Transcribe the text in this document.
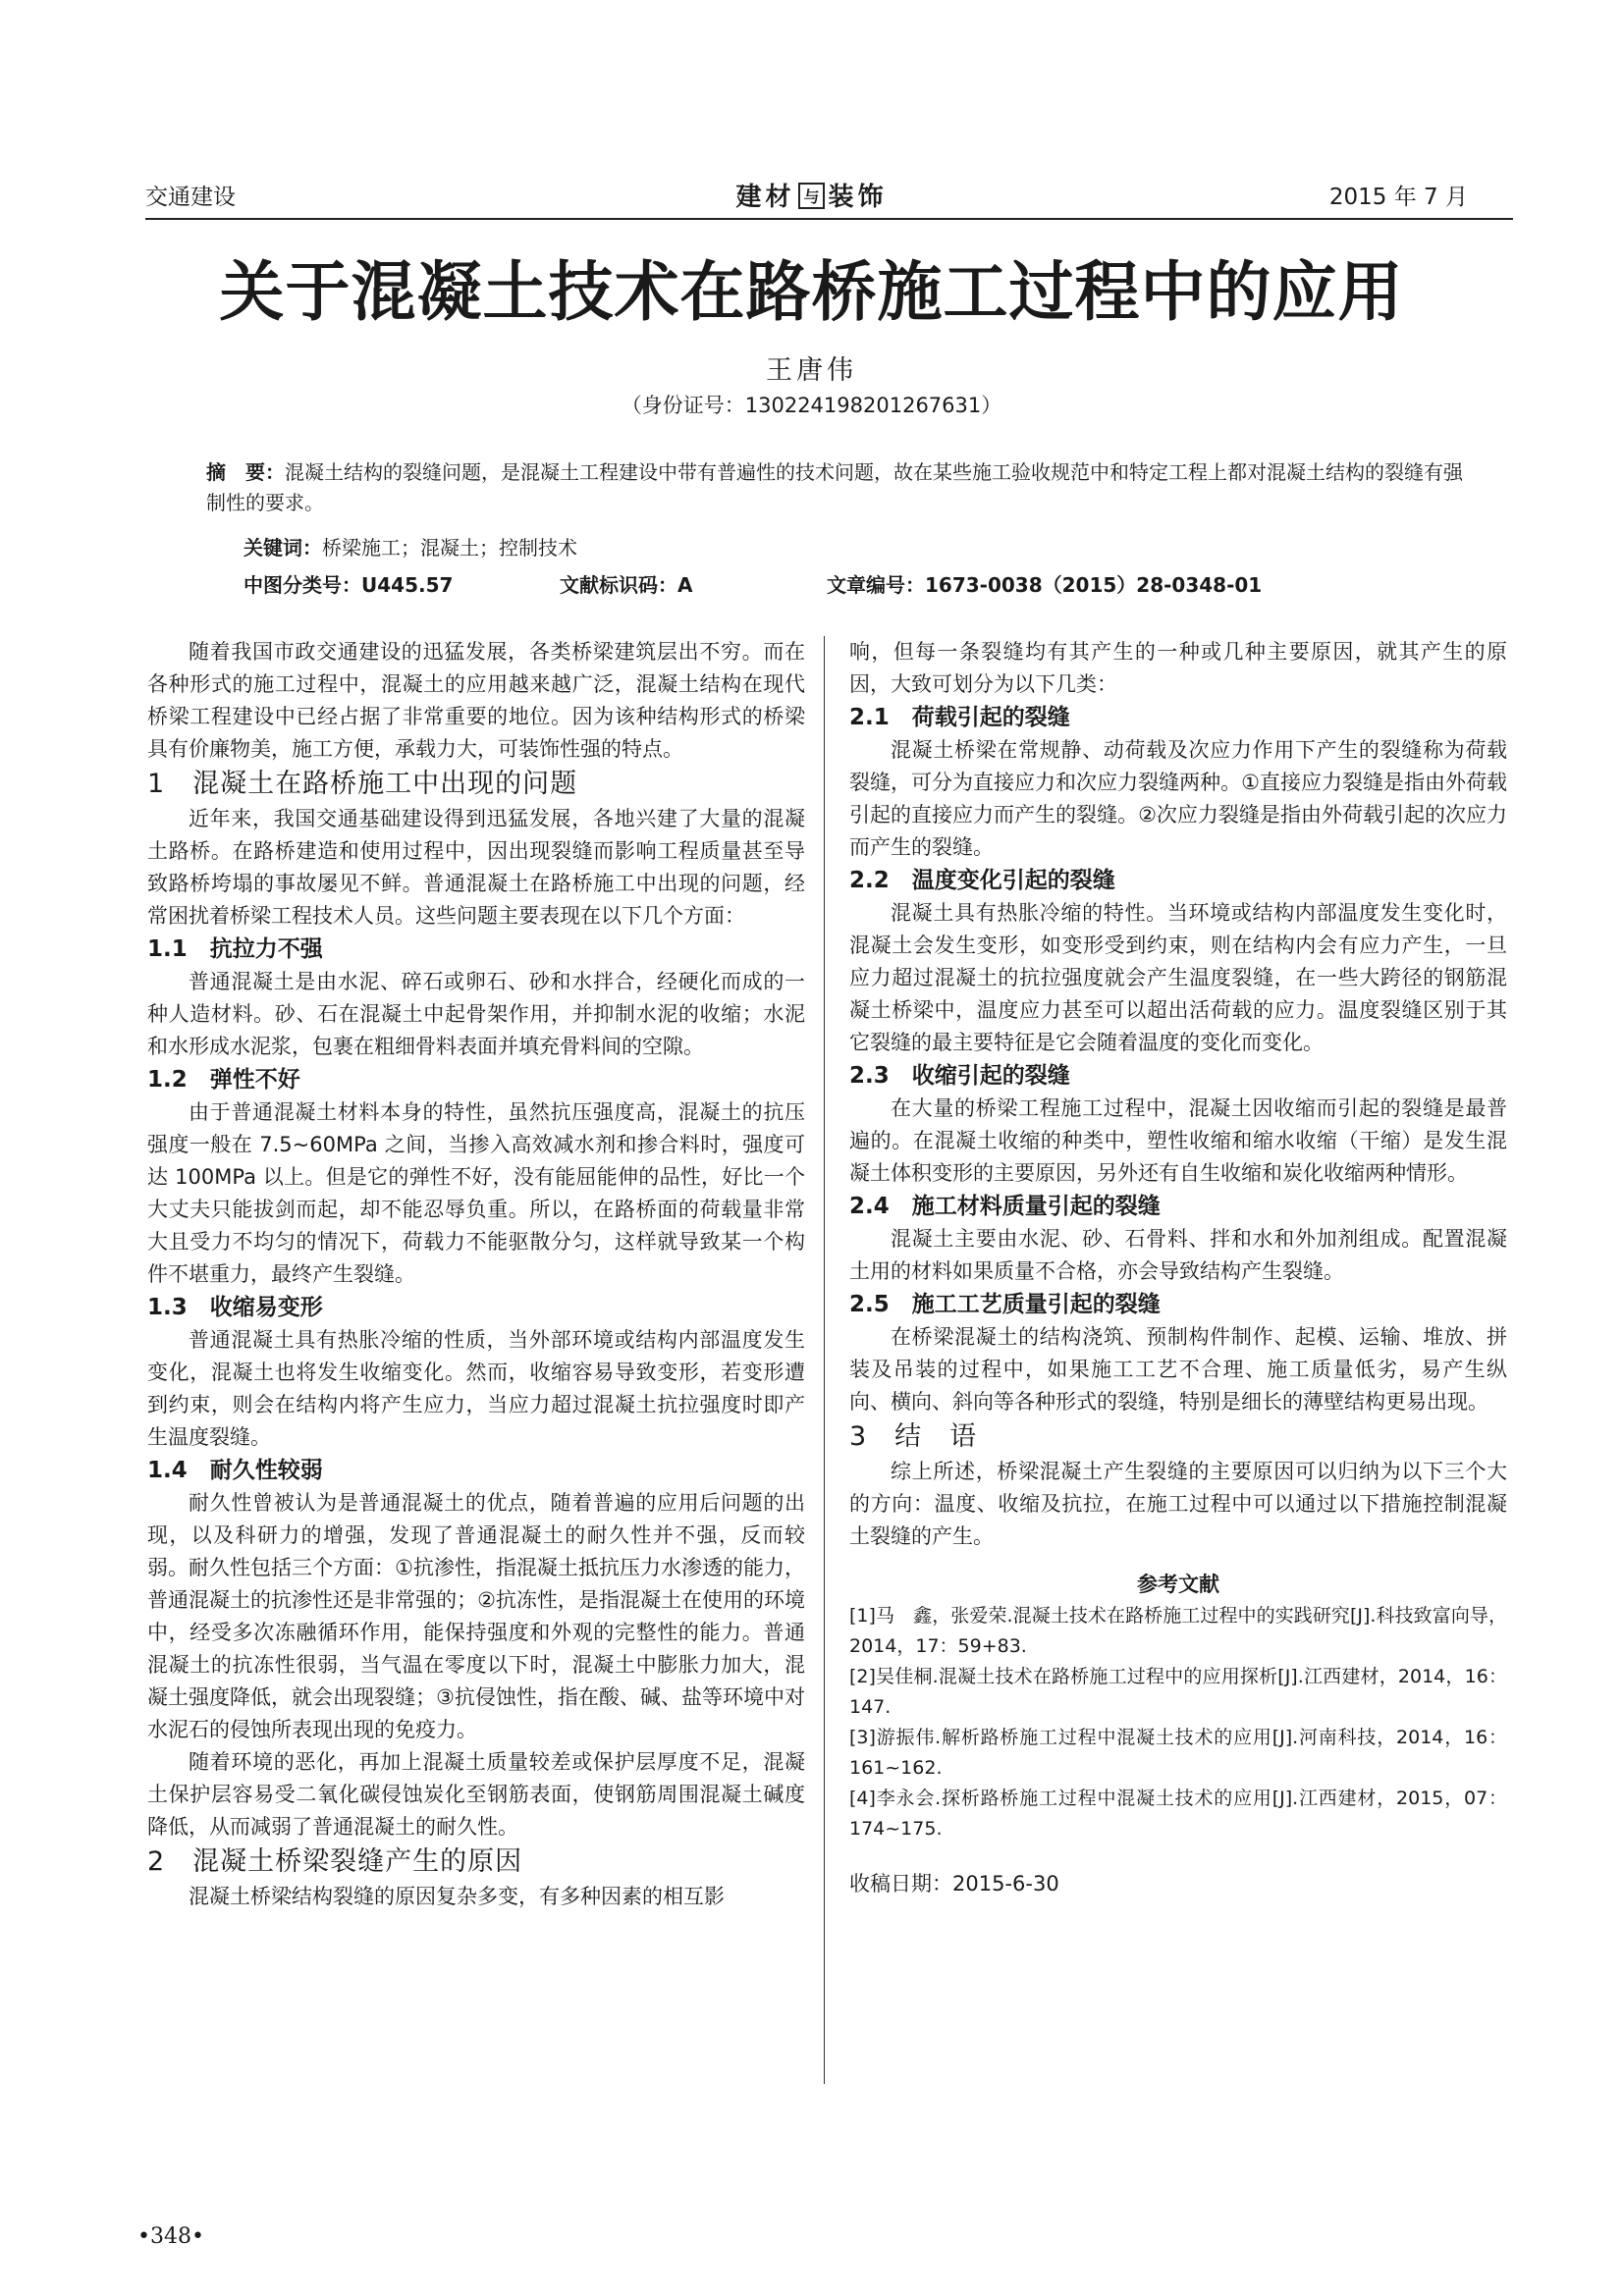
交通建设	建材 与 装饰	2015 年 7 月
关于混凝土技术在路桥施工过程中的应用
王唐伟
（身份证号：130224198201267631）
摘　要：混凝土结构的裂缝问题，是混凝土工程建设中带有普遍性的技术问题，故在某些施工验收规范中和特定工程上都对混凝土结构的裂缝有强制性的要求。
关键词：桥梁施工；混凝土；控制技术
中图分类号：U445.57	文献标识码：A	文章编号：1673-0038（2015）28-0348-01

随着我国市政交通建设的迅猛发展，各类桥梁建筑层出不穷。而在各种形式的施工过程中，混凝土的应用越来越广泛，混凝土结构在现代桥梁工程建设中已经占据了非常重要的地位。因为该种结构形式的桥梁具有价廉物美，施工方便，承载力大，可装饰性强的特点。

1　混凝土在路桥施工中出现的问题

近年来，我国交通基础建设得到迅猛发展，各地兴建了大量的混凝土路桥。在路桥建造和使用过程中，因出现裂缝而影响工程质量甚至导致路桥垮塌的事故屡见不鲜。普通混凝土在路桥施工中出现的问题，经常困扰着桥梁工程技术人员。这些问题主要表现在以下几个方面：

1.1　抗拉力不强

普通混凝土是由水泥、碎石或卵石、砂和水拌合，经硬化而成的一种人造材料。砂、石在混凝土中起骨架作用，并抑制水泥的收缩；水泥和水形成水泥浆，包裹在粗细骨料表面并填充骨料间的空隙。

1.2　弹性不好

由于普通混凝土材料本身的特性，虽然抗压强度高，混凝土的抗压强度一般在 7.5~60MPa 之间，当掺入高效减水剂和掺合料时，强度可达 100MPa 以上。但是它的弹性不好，没有能屈能伸的品性，好比一个大丈夫只能拔剑而起，却不能忍辱负重。所以，在路桥面的荷载量非常大且受力不均匀的情况下，荷载力不能驱散分匀，这样就导致某一个构件不堪重力，最终产生裂缝。

1.3　收缩易变形

普通混凝土具有热胀冷缩的性质，当外部环境或结构内部温度发生变化，混凝土也将发生收缩变化。然而，收缩容易导致变形，若变形遭到约束，则会在结构内将产生应力，当应力超过混凝土抗拉强度时即产生温度裂缝。

1.4　耐久性较弱

耐久性曾被认为是普通混凝土的优点，随着普遍的应用后问题的出现，以及科研力的增强，发现了普通混凝土的耐久性并不强，反而较弱。耐久性包括三个方面：①抗渗性，指混凝土抵抗压力水渗透的能力，普通混凝土的抗渗性还是非常强的；②抗冻性，是指混凝土在使用的环境中，经受多次冻融循环作用，能保持强度和外观的完整性的能力。普通混凝土的抗冻性很弱，当气温在零度以下时，混凝土中膨胀力加大，混凝土强度降低，就会出现裂缝；③抗侵蚀性，指在酸、碱、盐等环境中对水泥石的侵蚀所表现出现的免疫力。

随着环境的恶化，再加上混凝土质量较差或保护层厚度不足，混凝土保护层容易受二氧化碳侵蚀炭化至钢筋表面，使钢筋周围混凝土碱度降低，从而减弱了普通混凝土的耐久性。

2　混凝土桥梁裂缝产生的原因

混凝土桥梁结构裂缝的原因复杂多变，有多种因素的相互影

响，但每一条裂缝均有其产生的一种或几种主要原因，就其产生的原因，大致可划分为以下几类：

2.1　荷载引起的裂缝

混凝土桥梁在常规静、动荷载及次应力作用下产生的裂缝称为荷载裂缝，可分为直接应力和次应力裂缝两种。①直接应力裂缝是指由外荷载引起的直接应力而产生的裂缝。②次应力裂缝是指由外荷载引起的次应力而产生的裂缝。

2.2　温度变化引起的裂缝

混凝土具有热胀冷缩的特性。当环境或结构内部温度发生变化时，混凝土会发生变形，如变形受到约束，则在结构内会有应力产生，一旦应力超过混凝土的抗拉强度就会产生温度裂缝，在一些大跨径的钢筋混凝土桥梁中，温度应力甚至可以超出活荷载的应力。温度裂缝区别于其它裂缝的最主要特征是它会随着温度的变化而变化。

2.3　收缩引起的裂缝

在大量的桥梁工程施工过程中，混凝土因收缩而引起的裂缝是最普遍的。在混凝土收缩的种类中，塑性收缩和缩水收缩（干缩）是发生混凝土体积变形的主要原因，另外还有自生收缩和炭化收缩两种情形。

2.4　施工材料质量引起的裂缝

混凝土主要由水泥、砂、石骨料、拌和水和外加剂组成。配置混凝土用的材料如果质量不合格，亦会导致结构产生裂缝。

2.5　施工工艺质量引起的裂缝

在桥梁混凝土的结构浇筑、预制构件制作、起模、运输、堆放、拼装及吊装的过程中，如果施工工艺不合理、施工质量低劣，易产生纵向、横向、斜向等各种形式的裂缝，特别是细长的薄壁结构更易出现。

3　结　语

综上所述，桥梁混凝土产生裂缝的主要原因可以归纳为以下三个大的方向：温度、收缩及抗拉，在施工过程中可以通过以下措施控制混凝土裂缝的产生。

参考文献

[1]马　鑫，张爱荣.混凝土技术在路桥施工过程中的实践研究[J].科技致富向导，2014，17：59+83.

[2]吴佳桐.混凝土技术在路桥施工过程中的应用探析[J].江西建材，2014，16：147.

[3]游振伟.解析路桥施工过程中混凝土技术的应用[J].河南科技，2014，16：161~162.

[4]李永会.探析路桥施工过程中混凝土技术的应用[J].江西建材，2015，07：174~175.

收稿日期：2015-6-30

•348•
